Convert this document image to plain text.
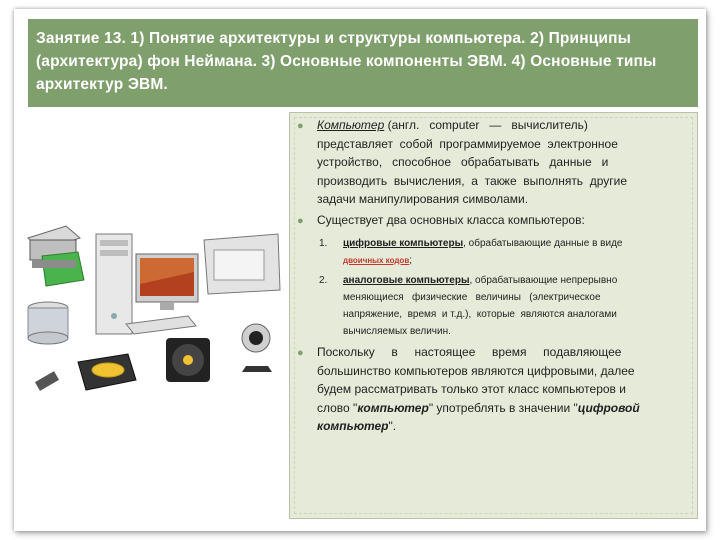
Занятие 13. 1) Понятие архитектуры и структуры компьютера. 2) Принципы
(архитектура) фон Неймана. 3) Основные компоненты ЭВМ. 4) Основные типы
архитектур ЭВМ.
● Компьютер (англ.   computer   —   вычислитель)
представляет  собой  программируемое  электронное
устройство,   способное   обрабатывать   данные   и
производить  вычисления,  а  также  выполнять  другие
задачи манипулирования символами.
● Существует два основных класса компьютеров:
1. цифровые компьютеры, обрабатывающие данные в виде
двоичных кодов;
2. аналоговые компьютеры, обрабатывающие непрерывно
меняющиеся   физические   величины   (электрическое
напряжение,  время  и т.д.),  которые  являются аналогами
вычисляемых величин.
● Поскольку     в     настоящее     время     подавляющее
большинство компьютеров являются цифровыми, далее
будем рассматривать только этот класс компьютеров и
слово "компьютер" употреблять в значении "цифровой
компьютер".
